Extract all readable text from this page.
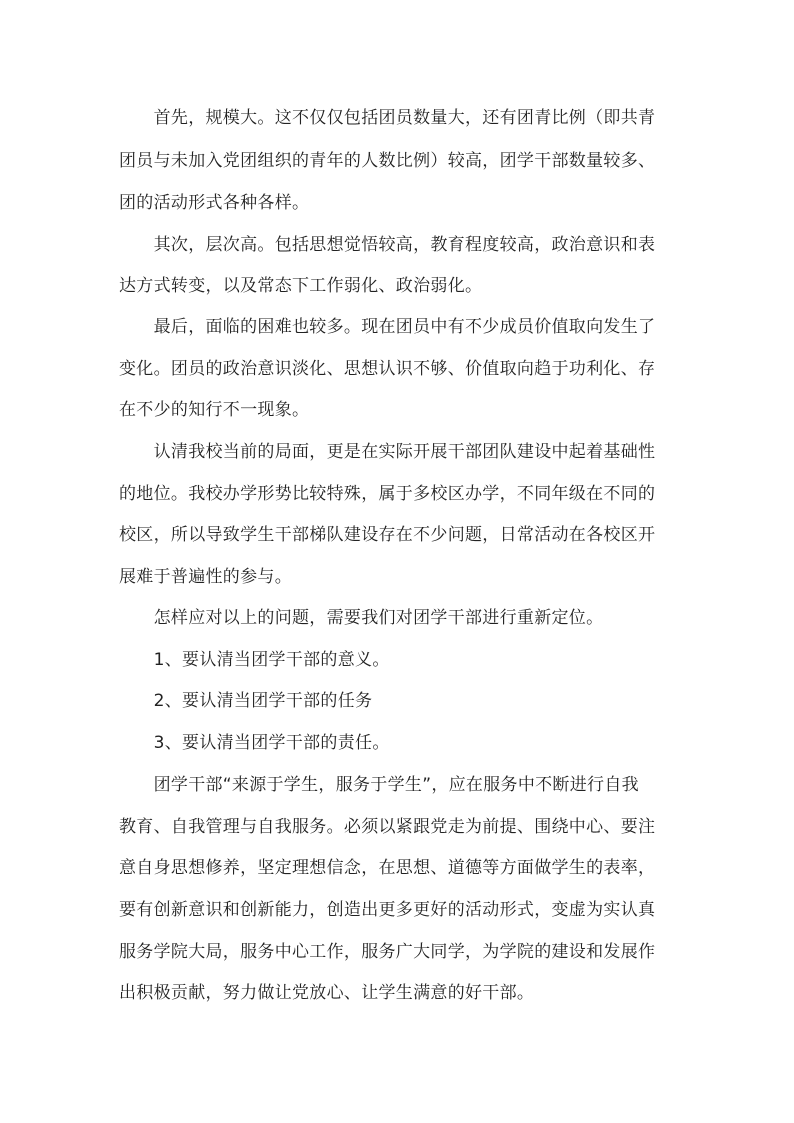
　　首先，规模大。这不仅仅包括团员数量大，还有团青比例（即共青
团员与未加入党团组织的青年的人数比例）较高，团学干部数量较多、
团的活动形式各种各样。
　　其次，层次高。包括思想觉悟较高，教育程度较高，政治意识和表
达方式转变，以及常态下工作弱化、政治弱化。
　　最后，面临的困难也较多。现在团员中有不少成员价值取向发生了
变化。团员的政治意识淡化、思想认识不够、价值取向趋于功利化、存
在不少的知行不一现象。
　　认清我校当前的局面，更是在实际开展干部团队建设中起着基础性
的地位。我校办学形势比较特殊，属于多校区办学，不同年级在不同的
校区，所以导致学生干部梯队建设存在不少问题，日常活动在各校区开
展难于普遍性的参与。
　　怎样应对以上的问题，需要我们对团学干部进行重新定位。
　　1、要认清当团学干部的意义。
　　2、要认清当团学干部的任务
　　3、要认清当团学干部的责任。
　　团学干部“来源于学生，服务于学生”，应在服务中不断进行自我
教育、自我管理与自我服务。必须以紧跟党走为前提、围绕中心、要注
意自身思想修养，坚定理想信念，在思想、道德等方面做学生的表率，
要有创新意识和创新能力，创造出更多更好的活动形式，变虚为实认真
服务学院大局，服务中心工作，服务广大同学，为学院的建设和发展作
出积极贡献，努力做让党放心、让学生满意的好干部。
